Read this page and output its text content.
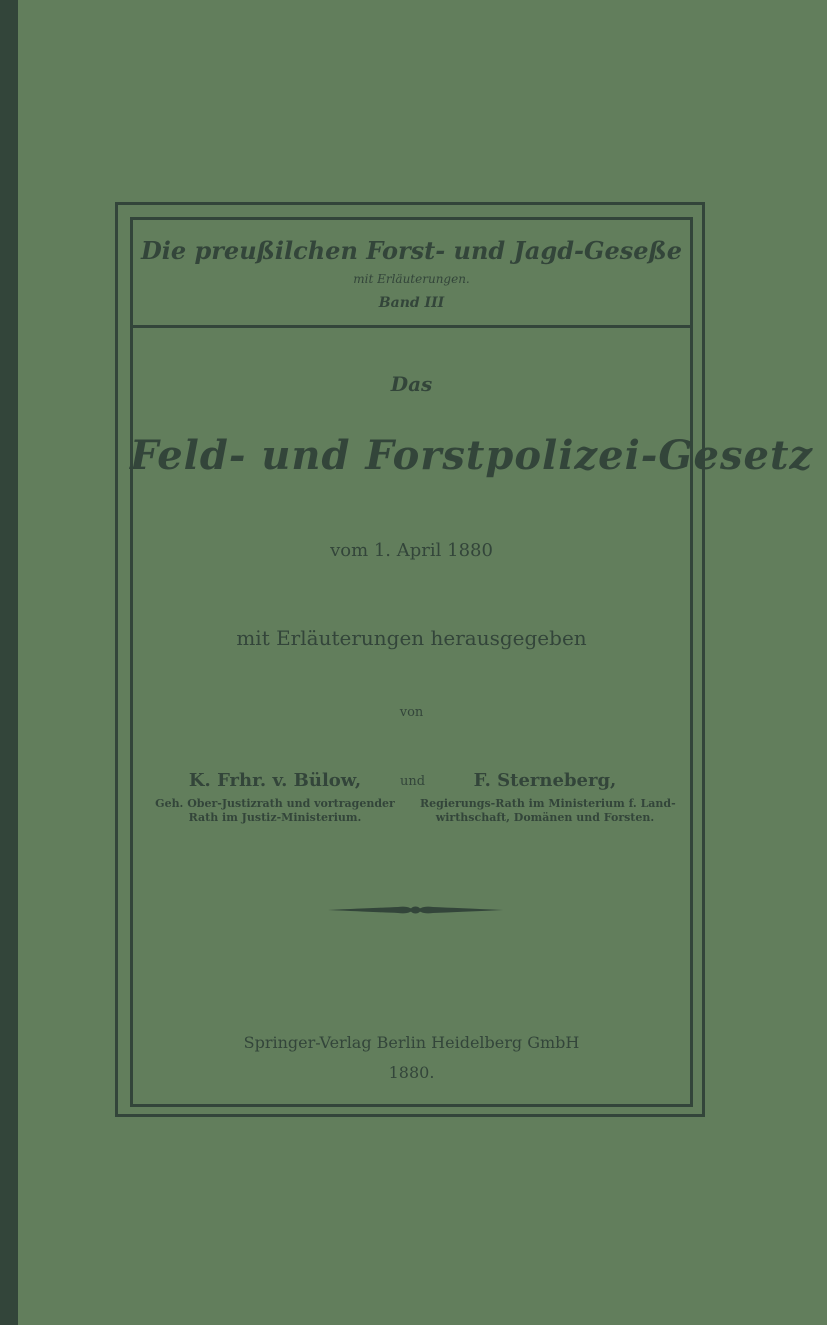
Die preußilchen Forst- und Jagd-Geseße
mit Erläuterungen.
Band III
Das
Feld- und Forstpolizei-Gesetz
vom 1. April 1880
mit Erläuterungen herausgegeben
von
K. Frhr. v. Bülow,
Geh. Ober-Justizrath und vortragender
Rath im Justiz-Ministerium.
und	F. Sterneberg,
Regierungs-Rath im Ministerium f. Land-
wirthschaft, Domänen und Forsten.
Springer-Verlag Berlin Heidelberg GmbH
1880.
